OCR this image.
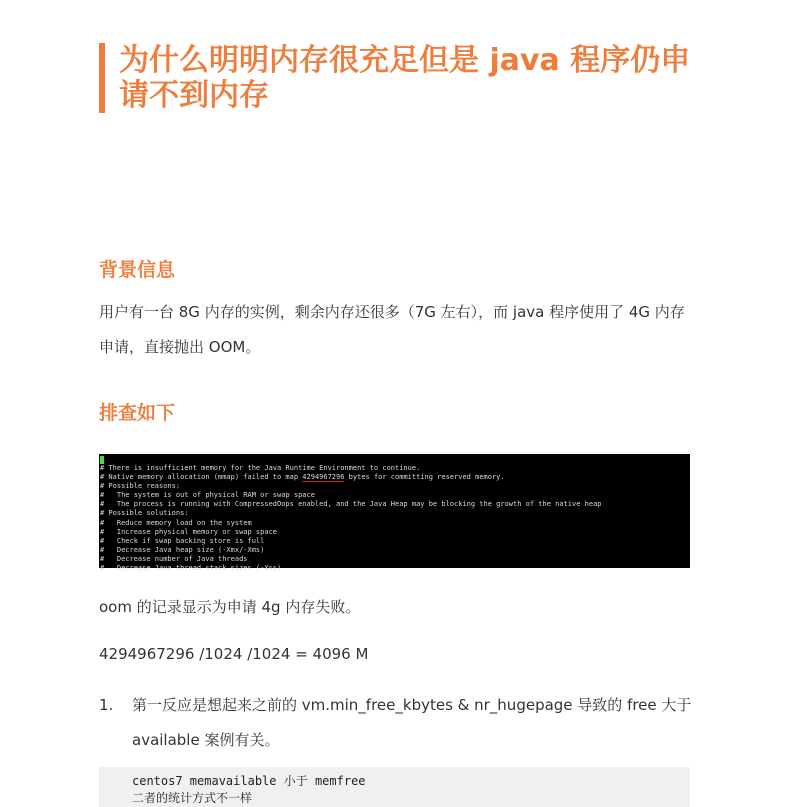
为什么明明内存很充足但是 java 程序仍申请不到内存
背景信息

用户有一台 8G 内存的实例，剩余内存还很多（7G 左右），而 java 程序使用了 4G 内存申请，直接抛出 OOM。

排查如下
# There is insufficient memory for the Java Runtime Environment to continue.
# Native memory allocation (mmap) failed to map 4294967296 bytes for committing reserved memory.
# Possible reasons:
#   The system is out of physical RAM or swap space
#   The process is running with CompressedOops enabled, and the Java Heap may be blocking the growth of the native heap
# Possible solutions:
#   Reduce memory load on the system
#   Increase physical memory or swap space
#   Check if swap backing store is full
#   Decrease Java heap size (-Xmx/-Xms)
#   Decrease number of Java threads
#   Decrease Java thread stack sizes (-Xss)

oom 的记录显示为申请 4g 内存失败。

4294967296 /1024 /1024 = 4096 M

1. 第一反应是想起来之前的 vm.min_free_kbytes & nr_hugepage 导致的 free 大于 available 案例有关。

centos7 memavailable 小于 memfree
二者的统计方式不一样
